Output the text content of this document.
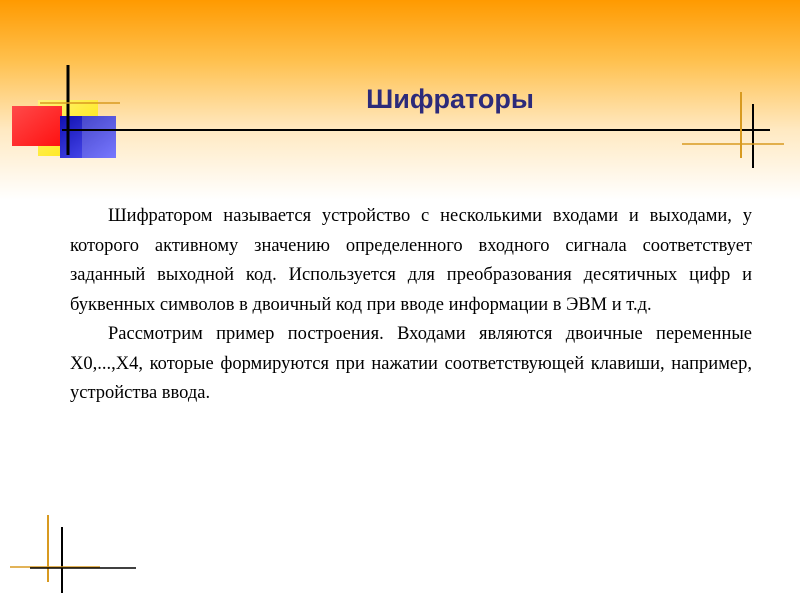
Шифраторы

Шифратором называется устройство с несколькими входами и выходами, у которого активному значению определенного входного сигнала соответствует заданный выходной код. Используется для преобразования десятичных цифр и буквенных символов в двоичный код при вводе информации в ЭВМ и т.д.

Рассмотрим пример построения. Входами являются двоичные переменные Х0,...,Х4, которые формируются при нажатии соответствующей клавиши, например, устройства ввода.
